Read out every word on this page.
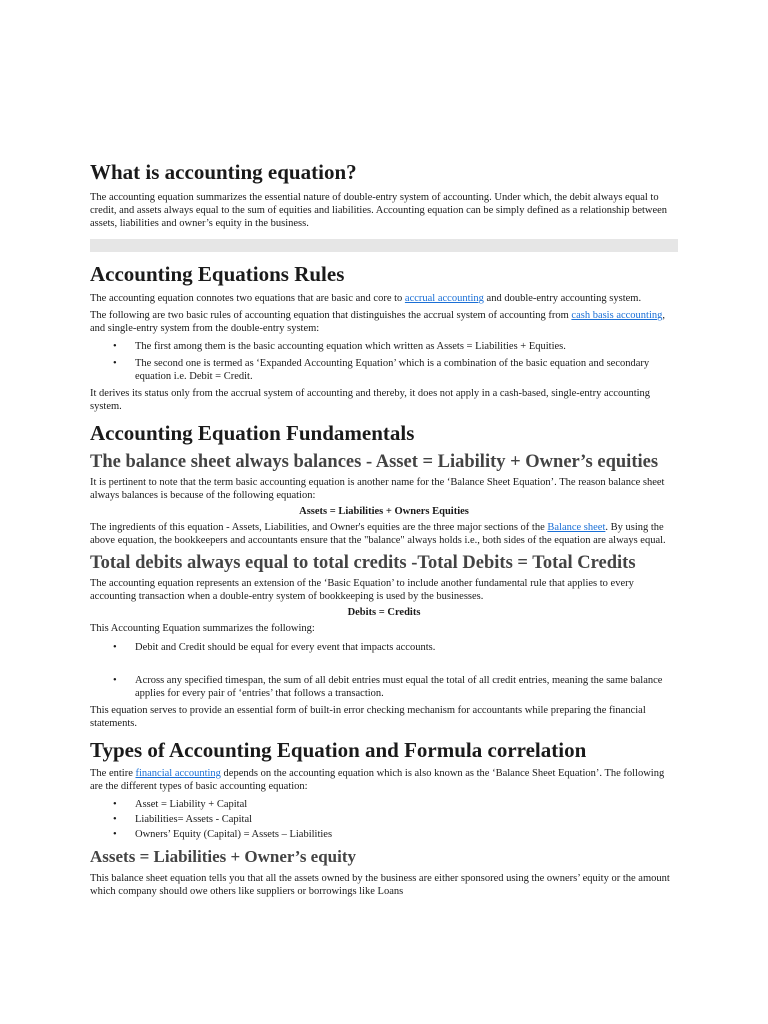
What is accounting equation?

The accounting equation summarizes the essential nature of double-entry system of accounting. Under which, the debit always equal to credit, and assets always equal to the sum of equities and liabilities. Accounting equation can be simply defined as a relationship between assets, liabilities and owner’s equity in the business.

Accounting Equations Rules

The accounting equation connotes two equations that are basic and core to accrual accounting and double-entry accounting system.

The following are two basic rules of accounting equation that distinguishes the accrual system of accounting from cash basis accounting, and single-entry system from the double-entry system:

• The first among them is the basic accounting equation which written as Assets = Liabilities + Equities.
• The second one is termed as ‘Expanded Accounting Equation’ which is a combination of the basic equation and secondary equation i.e. Debit = Credit.

It derives its status only from the accrual system of accounting and thereby, it does not apply in a cash-based, single-entry accounting system.

Accounting Equation Fundamentals
The balance sheet always balances - Asset = Liability + Owner’s equities

It is pertinent to note that the term basic accounting equation is another name for the ‘Balance Sheet Equation’. The reason balance sheet always balances is because of the following equation:

Assets = Liabilities + Owners Equities

The ingredients of this equation - Assets, Liabilities, and Owner's equities are the three major sections of the Balance sheet. By using the above equation, the bookkeepers and accountants ensure that the "balance" always holds i.e., both sides of the equation are always equal.

Total debits always equal to total credits -Total Debits = Total Credits

The accounting equation represents an extension of the ‘Basic Equation’ to include another fundamental rule that applies to every accounting transaction when a double-entry system of bookkeeping is used by the businesses.

Debits = Credits

This Accounting Equation summarizes the following:

• Debit and Credit should be equal for every event that impacts accounts.
• Across any specified timespan, the sum of all debit entries must equal the total of all credit entries, meaning the same balance applies for every pair of ‘entries’ that follows a transaction.

This equation serves to provide an essential form of built-in error checking mechanism for accountants while preparing the financial statements.

Types of Accounting Equation and Formula correlation

The entire financial accounting depends on the accounting equation which is also known as the ‘Balance Sheet Equation’. The following are the different types of basic accounting equation:

• Asset = Liability + Capital
• Liabilities= Assets - Capital
• Owners’ Equity (Capital) = Assets – Liabilities
Assets = Liabilities + Owner’s equity

This balance sheet equation tells you that all the assets owned by the business are either sponsored using the owners’ equity or the amount which company should owe others like suppliers or borrowings like Loans
